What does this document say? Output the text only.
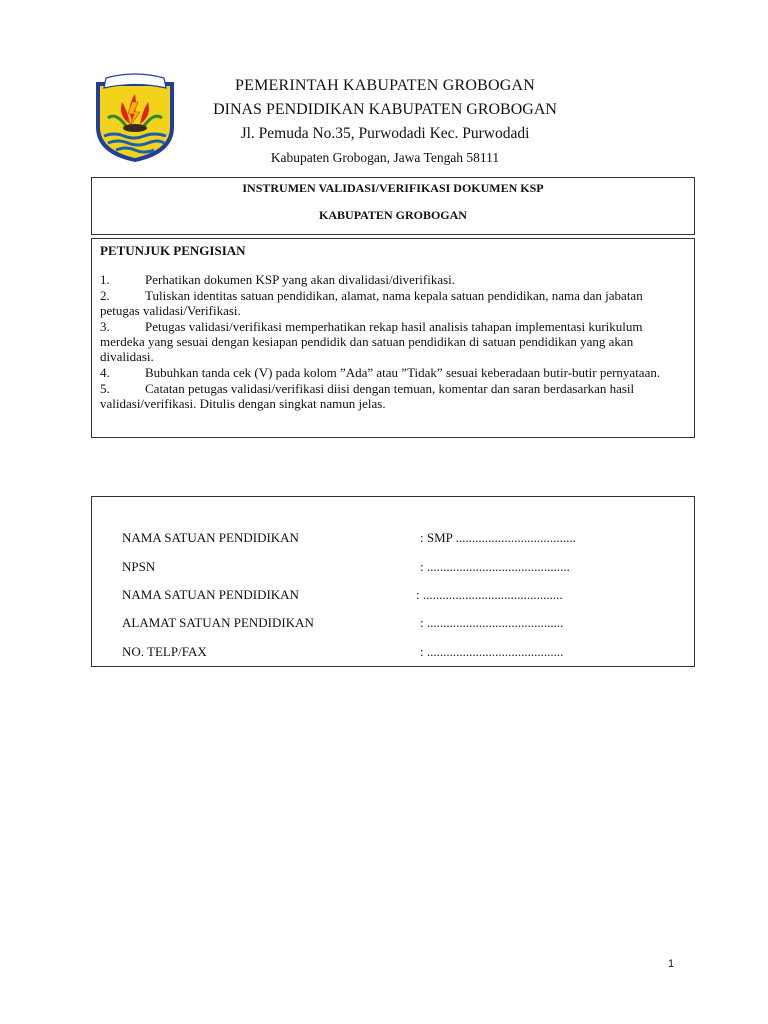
PEMERINTAH KABUPATEN GROBOGAN
DINAS PENDIDIKAN KABUPATEN GROBOGAN
Jl. Pemuda No.35, Purwodadi Kec. Purwodadi
Kabupaten Grobogan, Jawa Tengah 58111
INSTRUMEN VALIDASI/VERIFIKASI DOKUMEN KSP
KABUPATEN GROBOGAN
PETUNJUK PENGISIAN
1.	Perhatikan dokumen KSP yang akan divalidasi/diverifikasi.
2.	Tuliskan identitas satuan pendidikan, alamat, nama kepala satuan pendidikan, nama dan jabatan petugas validasi/Verifikasi.
3.	Petugas validasi/verifikasi memperhatikan rekap hasil analisis tahapan implementasi kurikulum merdeka yang sesuai dengan kesiapan pendidik dan satuan pendidikan di satuan pendidikan yang akan divalidasi.
4.	Bubuhkan tanda cek (V) pada kolom ”Ada” atau ”Tidak” sesuai keberadaan butir-butir pernyataan.
5.	Catatan petugas validasi/verifikasi diisi dengan temuan, komentar dan saran berdasarkan hasil validasi/verifikasi. Ditulis dengan singkat namun jelas.
NAMA SATUAN PENDIDIKAN	: SMP .....................................
NPSN	: ............................................
NAMA SATUAN PENDIDIKAN	: ...........................................
ALAMAT SATUAN PENDIDIKAN	: ..........................................
NO. TELP/FAX	: ..........................................
1
